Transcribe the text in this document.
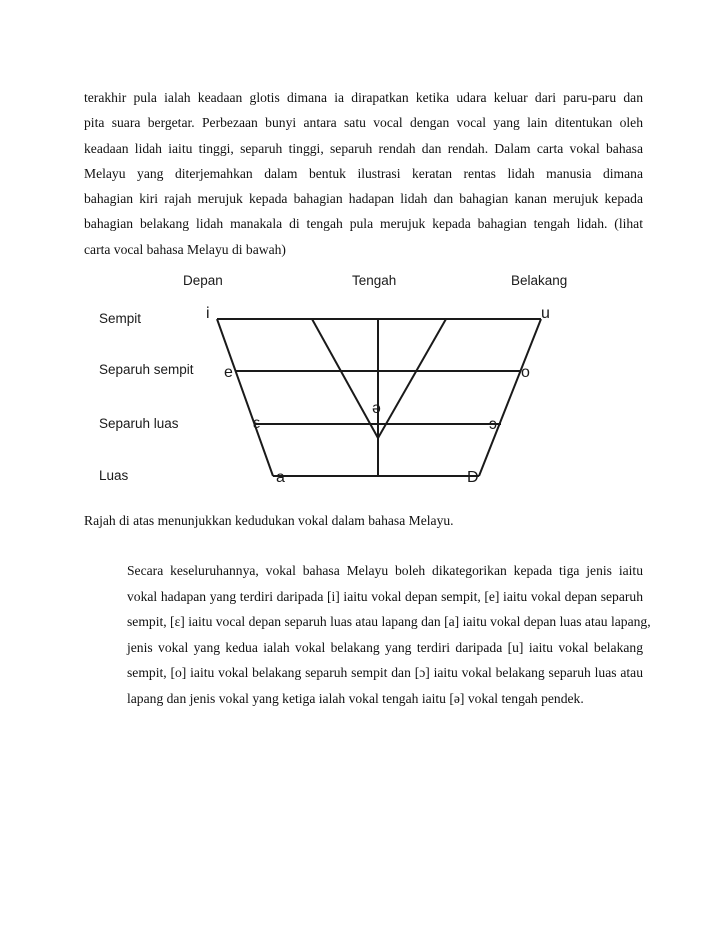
terakhir pula ialah keadaan glotis dimana ia dirapatkan ketika udara keluar dari paru-paru dan
pita suara bergetar. Perbezaan bunyi antara satu vocal dengan vocal yang lain ditentukan oleh
keadaan lidah iaitu tinggi, separuh tinggi, separuh rendah dan rendah. Dalam carta vokal bahasa
Melayu yang diterjemahkan dalam bentuk ilustrasi keratan rentas lidah manusia dimana
bahagian kiri rajah merujuk kepada bahagian hadapan lidah dan bahagian kanan merujuk kepada
bahagian belakang lidah manakala di tengah pula merujuk kepada bahagian tengah lidah. (lihat
carta vocal bahasa Melayu di bawah)
Depan	Tengah	Belakang
Sempit
Separuh sempit
Separuh luas
Luas
i	u
e	o
ə
ε	ɔ
a	D

Rajah di atas menunjukkan kedudukan vokal dalam bahasa Melayu.

Secara keseluruhannya, vokal bahasa Melayu boleh dikategorikan kepada tiga jenis iaitu
vokal hadapan yang terdiri daripada [i] iaitu vokal depan sempit, [e] iaitu vokal depan separuh
sempit, [ε] iaitu vocal depan separuh luas atau lapang dan [a] iaitu vokal depan luas atau lapang,
jenis vokal yang kedua ialah vokal belakang yang terdiri daripada [u] iaitu vokal belakang
sempit, [o] iaitu vokal belakang separuh sempit dan [ɔ] iaitu vokal belakang separuh luas atau
lapang dan jenis vokal yang ketiga ialah vokal tengah iaitu [ə] vokal tengah pendek.
